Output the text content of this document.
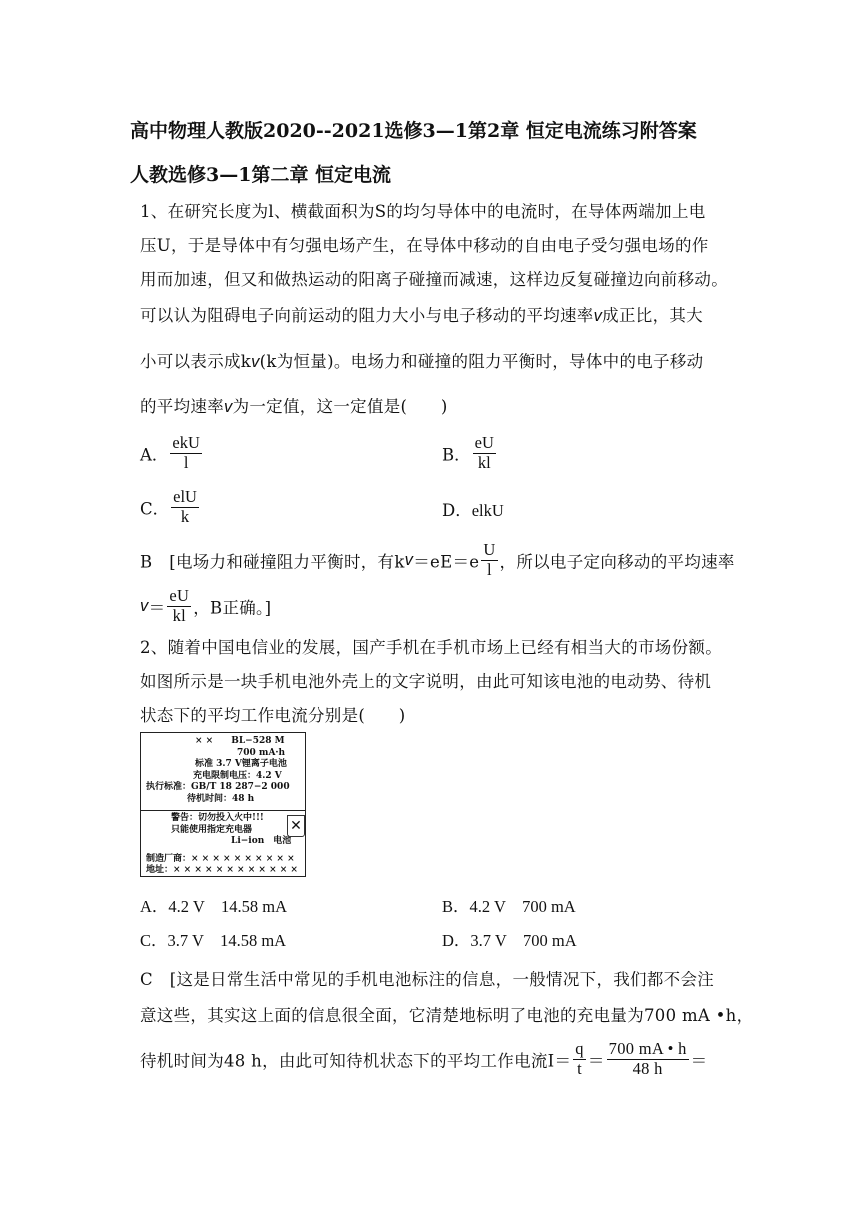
高中物理人教版2020--2021选修3—1第2章 恒定电流练习附答案
人教选修3—1第二章 恒定电流
1、在研究长度为l、横截面积为S的均匀导体中的电流时，在导体两端加上电
压U，于是导体中有匀强电场产生，在导体中移动的自由电子受匀强电场的作
用而加速，但又和做热运动的阳离子碰撞而减速，这样边反复碰撞边向前移动。
可以认为阻碍电子向前运动的阻力大小与电子移动的平均速率v成正比，其大
小可以表示成kv(k为恒量)。电场力和碰撞的阻力平衡时，导体中的电子移动
的平均速率v为一定值，这一定值是(　　)
A． $\frac{\text{ekU}}{l}$	B． $\frac{eU}{kl}$
C． $\frac{\text{elU}}{k}$	D．elkU
B　[电场力和碰撞阻力平衡时，有$kv=eE=e \frac{U}{l}$ ，所以电子定向移动的平均速率
$v= \frac{eU}{kl}$ ，B正确。]
2、随着中国电信业的发展，国产手机在手机市场上已经有相当大的市场份额。
如图所示是一块手机电池外壳上的文字说明，由此可知该电池的电动势、待机
状态下的平均工作电流分别是(　　)
× ×　　BL−528 M
700 mA·h
标准 3.7 V锂离子电池
充电限制电压：4.2 V
执行标准：GB/T 18 287−2 000
待机时间：48 h
警告：切勿投入火中!!!
只能使用指定充电器
Li−ion　电池
制造厂商：× × × × × × × × × ×
地址：× × × × × × × × × × × ×
✕
A．4.2 V　14.58 mA	B．4.2 V　700 mA
C．3.7 V　14.58 mA	D．3.7 V　700 mA
C　[这是日常生活中常见的手机电池标注的信息，一般情况下，我们都不会注
意这些，其实这上面的信息很全面，它清楚地标明了电池的充电量为700 mA •h，
待机时间为48 h，由此可知待机状态下的平均工作电流$I= \frac{q}{t} = \frac{700 mA • h}{48 h}$ ＝
